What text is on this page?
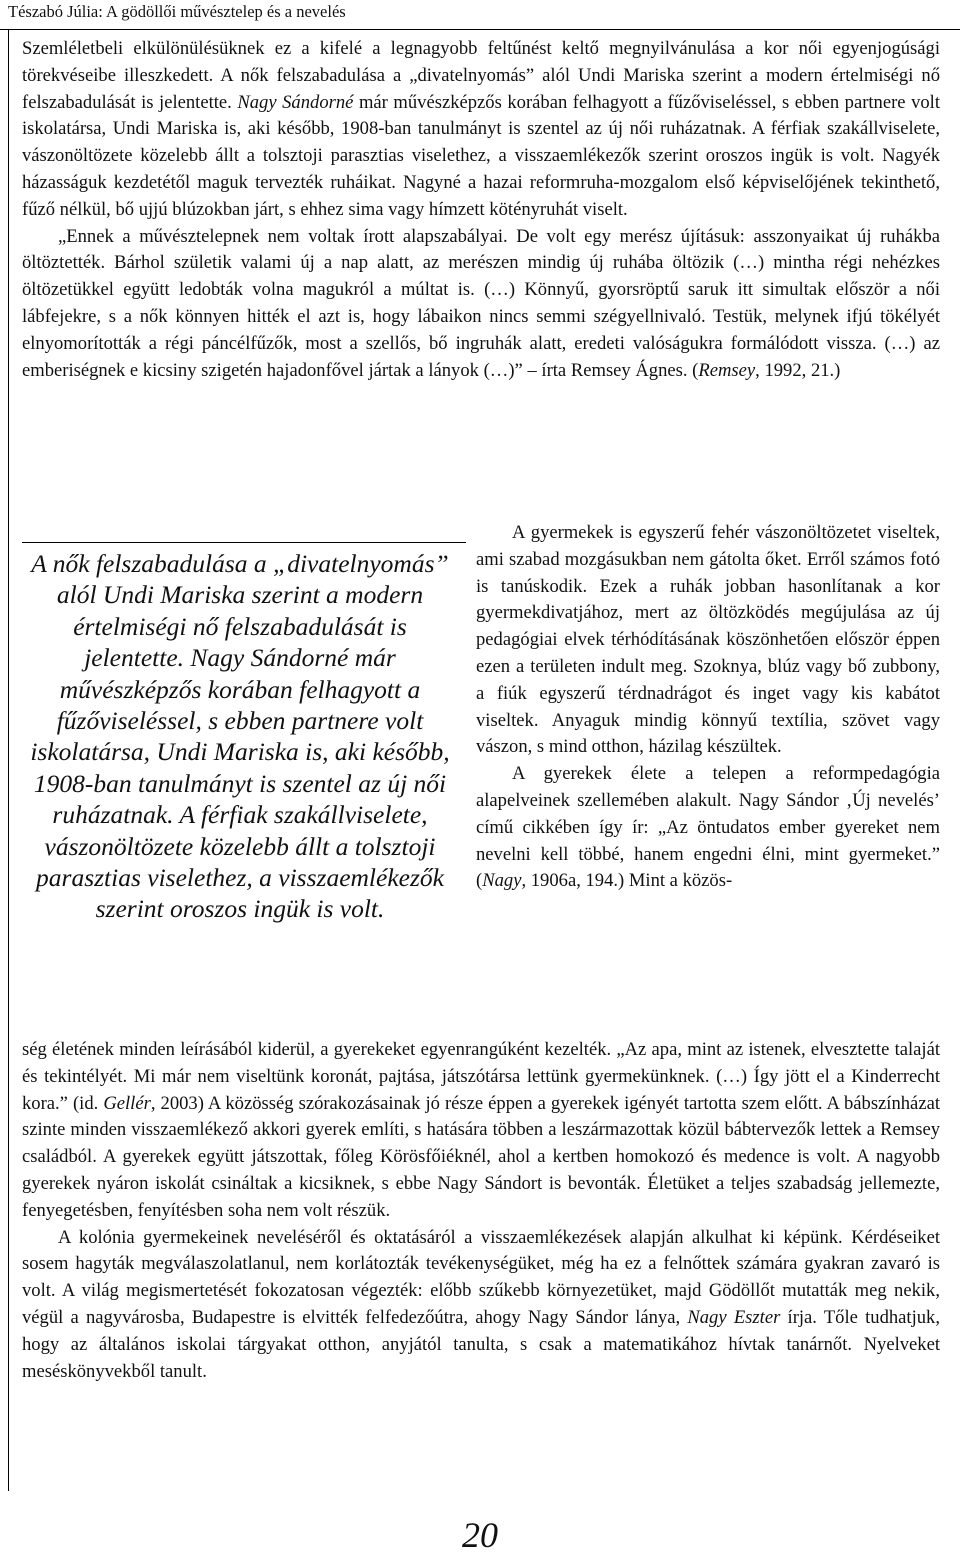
Tészabó Júlia: A gödöllői művésztelep és a nevelés

Szemléletbeli elkülönülésüknek ez a kifelé a legnagyobb feltűnést keltő megnyilvánulása a kor női egyenjogúsági törekvéseibe illeszkedett. A nők felszabadulása a „divatelnyomás” alól Undi Mariska szerint a modern értelmiségi nő felszabadulását is jelentette. Nagy Sándorné már művészképzős korában felhagyott a fűzőviseléssel, s ebben partnere volt iskolatársa, Undi Mariska is, aki később, 1908-ban tanulmányt is szentel az új női ruházatnak. A férfiak szakállviselete, vászonöltözete közelebb állt a tolsztoji parasztias viselethez, a visszaemlékezők szerint oroszos ingük is volt. Nagyék házasságuk kezdetétől maguk tervezték ruháikat. Nagyné a hazai reformruha-mozgalom első képviselőjének tekinthető, fűző nélkül, bő ujjú blúzokban járt, s ehhez sima vagy hímzett kötényruhát viselt.

„Ennek a művésztelepnek nem voltak írott alapszabályai. De volt egy merész újításuk: asszonyaikat új ruhákba öltöztették. Bárhol születik valami új a nap alatt, az merészen mindig új ruhába öltözik (…) mintha régi nehézkes öltözetükkel együtt ledobták volna magukról a múltat is. (…) Könnyű, gyorsröptű saruk itt simultak először a női lábfejekre, s a nők könnyen hitték el azt is, hogy lábaikon nincs semmi szégyellnivaló. Testük, melynek ifjú tökélyét elnyomorították a régi páncélfűzők, most a szellős, bő ingruhák alatt, eredeti valóságukra formálódott vissza. (…) az emberiségnek e kicsiny szigetén hajadonfővel jártak a lányok (…)” – írta Remsey Ágnes. (Remsey, 1992, 21.)

A nők felszabadulása a „divatelnyomás” alól Undi Mariska szerint a modern értelmiségi nő felszabadulását is jelentette. Nagy Sándorné már művészképzős korában felhagyott a fűzőviseléssel, s ebben partnere volt iskolatársa, Undi Mariska is, aki később, 1908-ban tanulmányt is szentel az új női ruházatnak. A férfiak szakállviselete, vászonöltözete közelebb állt a tolsztoji parasztias viselethez, a visszaemlékezők szerint oroszos ingük is volt.

A gyermekek is egyszerű fehér vászonöltözetet viseltek, ami szabad mozgásukban nem gátolta őket. Erről számos fotó is tanúskodik. Ezek a ruhák jobban hasonlítanak a kor gyermekdivatjához, mert az öltözködés megújulása az új pedagógiai elvek térhódításának köszönhetően először éppen ezen a területen indult meg. Szoknya, blúz vagy bő zubbony, a fiúk egyszerű térdnadrágot és inget vagy kis kabátot viseltek. Anyaguk mindig könnyű textília, szövet vagy vászon, s mind otthon, házilag készültek.

A gyerekek élete a telepen a reformpedagógia alapelveinek szellemében alakult. Nagy Sándor ‚Új nevelés’ című cikkében így ír: „Az öntudatos ember gyereket nem nevelni kell többé, hanem engedni élni, mint gyermeket.” (Nagy, 1906a, 194.) Mint a közös-

ség életének minden leírásából kiderül, a gyerekeket egyenrangúként kezelték. „Az apa, mint az istenek, elvesztette talaját és tekintélyét. Mi már nem viseltünk koronát, pajtása, játszótársa lettünk gyermekünknek. (…) Így jött el a Kinderrecht kora.” (id. Gellér, 2003) A közösség szórakozásainak jó része éppen a gyerekek igényét tartotta szem előtt. A bábszínházat szinte minden visszaemlékező akkori gyerek említi, s hatására többen a leszármazottak közül bábtervezők lettek a Remsey családból. A gyerekek együtt játszottak, főleg Körösfőiéknél, ahol a kertben homokozó és medence is volt. A nagyobb gyerekek nyáron iskolát csináltak a kicsiknek, s ebbe Nagy Sándort is bevonták. Életüket a teljes szabadság jellemezte, fenyegetésben, fenyítésben soha nem volt részük.

A kolónia gyermekeinek neveléséről és oktatásáról a visszaemlékezések alapján alkulhat ki képünk. Kérdéseiket sosem hagyták megválaszolatlanul, nem korlátozták tevékenységüket, még ha ez a felnőttek számára gyakran zavaró is volt. A világ megismertetését fokozatosan végezték: előbb szűkebb környezetüket, majd Gödöllőt mutatták meg nekik, végül a nagyvárosba, Budapestre is elvitték felfedezőútra, ahogy Nagy Sándor lánya, Nagy Eszter írja. Tőle tudhatjuk, hogy az általános iskolai tárgyakat otthon, anyjától tanulta, s csak a matematikához hívtak tanárnőt. Nyelveket meséskönyvekből tanult.

20
